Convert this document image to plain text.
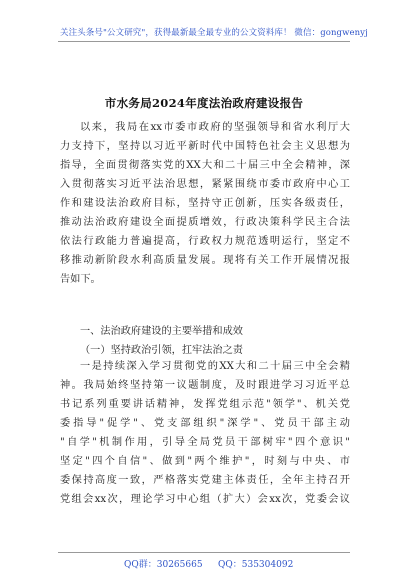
关注头条号"公文研究"，获得最新最全最专业的公文资料库！ 微信：gongwenyj
市水务局2024年度法治政府建设报告
以来，我局在xx市委市政府的坚强领导和省水利厅大
力支持下，坚持以习近平新时代中国特色社会主义思想为
指导，全面贯彻落实党的XX大和二十届三中全会精神，深
入贯彻落实习近平法治思想，紧紧围绕市委市政府中心工
作和建设法治政府目标，坚持守正创新，压实各级责任，
推动法治政府建设全面提质增效，行政决策科学民主合法
依法行政能力普遍提高，行政权力规范透明运行，坚定不
移推动新阶段水利高质量发展。现将有关工作开展情况报
告如下。
一、法治政府建设的主要举措和成效
（一）坚持政治引领，扛牢法治之责
一是持续深入学习贯彻党的XX大和二十届三中全会精
神。我局始终坚持第一议题制度，及时跟进学习习近平总
书记系列重要讲话精神，发挥党组示范"领学"、机关党
委指导"促学"、党支部组织"深学"、党员干部主动
"自学"机制作用，引导全局党员干部树牢"四个意识"
坚定"四个自信"、做到"两个维护"，时刻与中央、市
委保持高度一致，严格落实党建主体责任，全年主持召开
党组会xx次，理论学习中心组（扩大）会xx次，党委会议
QQ群：30265665 QQ：535304092
